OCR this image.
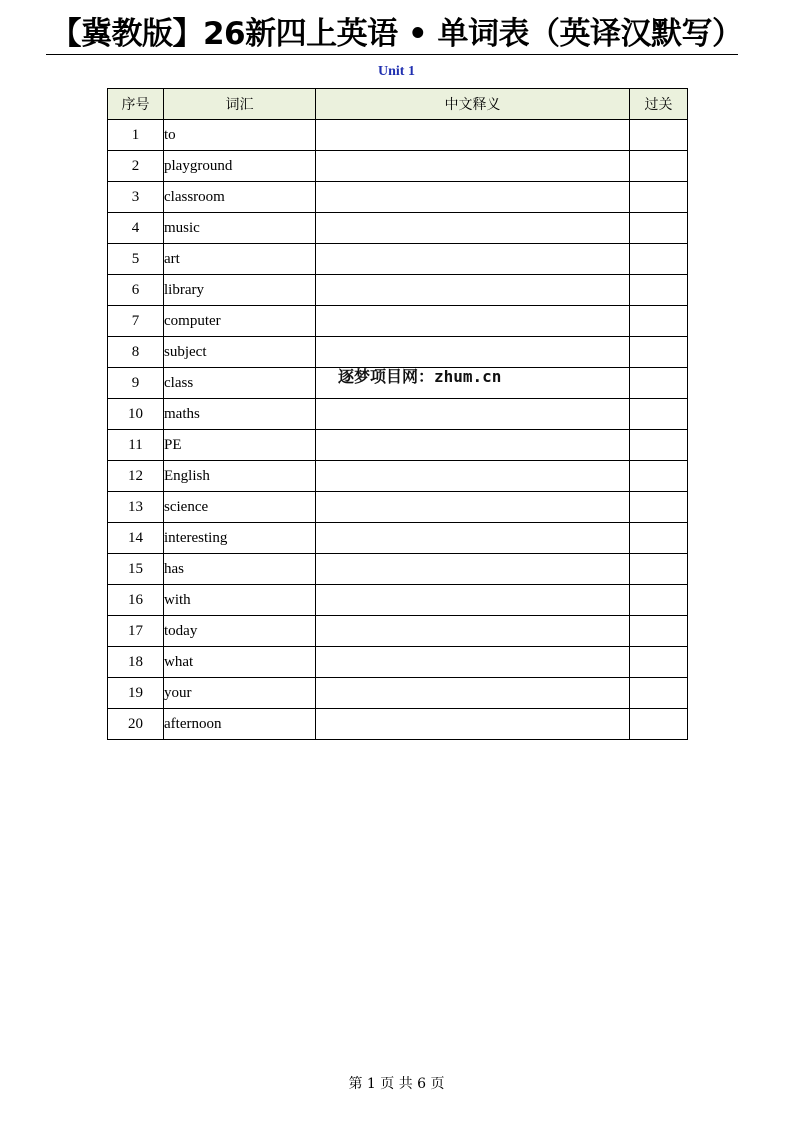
【冀教版】26新四上英语 • 单词表（英译汉默写）
Unit 1
序号	词汇	中文释义	过关
1	to		
2	playground		
3	classroom		
4	music		
5	art		
6	library		
7	computer		
8	subject		
9	class		
10	maths		
11	PE		
12	English		
13	science		
14	interesting		
15	has		
16	with		
17	today		
18	what		
19	your		
20	afternoon		
逐梦项目网：zhum.cn
第 1 页 共 6 页
